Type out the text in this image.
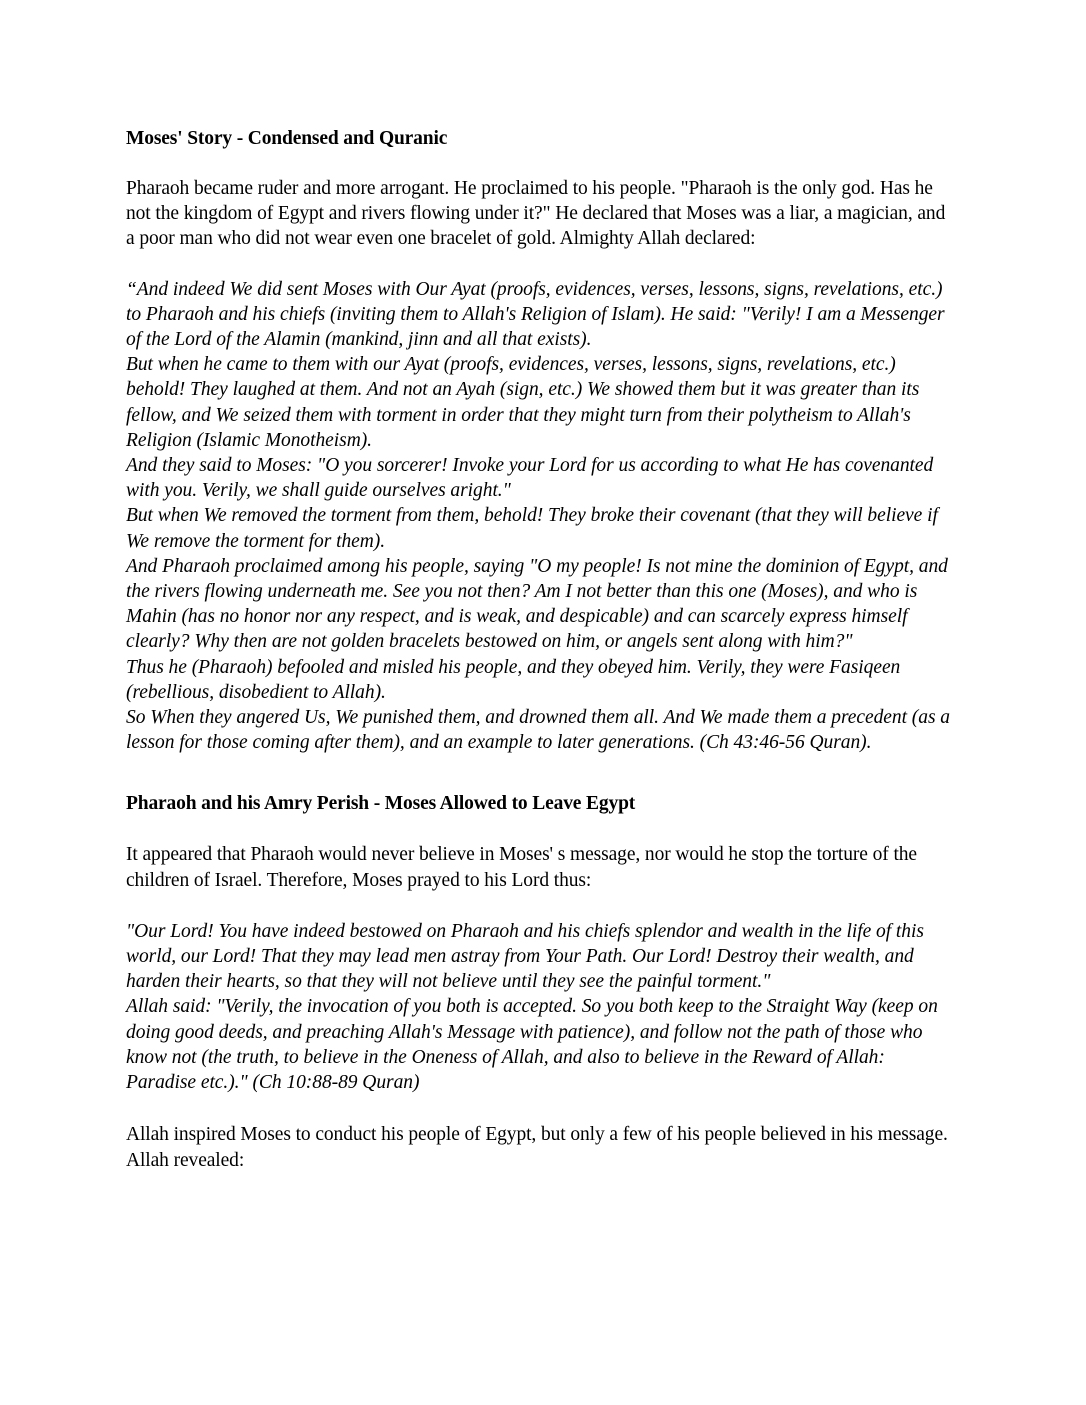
Moses' Story - Condensed and Quranic

Pharaoh became ruder and more arrogant. He proclaimed to his people. "Pharaoh is the only god. Has he not the kingdom of Egypt and rivers flowing under it?" He declared that Moses was a liar, a magician, and a poor man who did not wear even one bracelet of gold. Almighty Allah declared:

“And indeed We did sent Moses with Our Ayat (proofs, evidences, verses, lessons, signs, revelations, etc.) to Pharaoh and his chiefs (inviting them to Allah's Religion of Islam). He said: "Verily! I am a Messenger of the Lord of the Alamin (mankind, jinn and all that exists).
But when he came to them with our Ayat (proofs, evidences, verses, lessons, signs, revelations, etc.) behold! They laughed at them. And not an Ayah (sign, etc.) We showed them but it was greater than its fellow, and We seized them with torment in order that they might turn from their polytheism to Allah's Religion (Islamic Monotheism).
And they said to Moses: "O you sorcerer! Invoke your Lord for us according to what He has covenanted with you. Verily, we shall guide ourselves aright."
But when We removed the torment from them, behold! They broke their covenant (that they will believe if We remove the torment for them).
And Pharaoh proclaimed among his people, saying "O my people! Is not mine the dominion of Egypt, and the rivers flowing underneath me. See you not then? Am I not better than this one (Moses), and who is Mahin (has no honor nor any respect, and is weak, and despicable) and can scarcely express himself clearly? Why then are not golden bracelets bestowed on him, or angels sent along with him?"
Thus he (Pharaoh) befooled and misled his people, and they obeyed him. Verily, they were Fasiqeen (rebellious, disobedient to Allah).
So When they angered Us, We punished them, and drowned them all. And We made them a precedent (as a lesson for those coming after them), and an example to later generations. (Ch 43:46-56 Quran).
Pharaoh and his Amry Perish - Moses Allowed to Leave Egypt

It appeared that Pharaoh would never believe in Moses' s message, nor would he stop the torture of the children of Israel. Therefore, Moses prayed to his Lord thus:

"Our Lord! You have indeed bestowed on Pharaoh and his chiefs splendor and wealth in the life of this world, our Lord! That they may lead men astray from Your Path. Our Lord! Destroy their wealth, and harden their hearts, so that they will not believe until they see the painful torment."
Allah said: "Verily, the invocation of you both is accepted. So you both keep to the Straight Way (keep on doing good deeds, and preaching Allah's Message with patience), and follow not the path of those who know not (the truth, to believe in the Oneness of Allah, and also to believe in the Reward of Allah: Paradise etc.)." (Ch 10:88-89 Quran)

Allah inspired Moses to conduct his people of Egypt, but only a few of his people believed in his message. Allah revealed:
